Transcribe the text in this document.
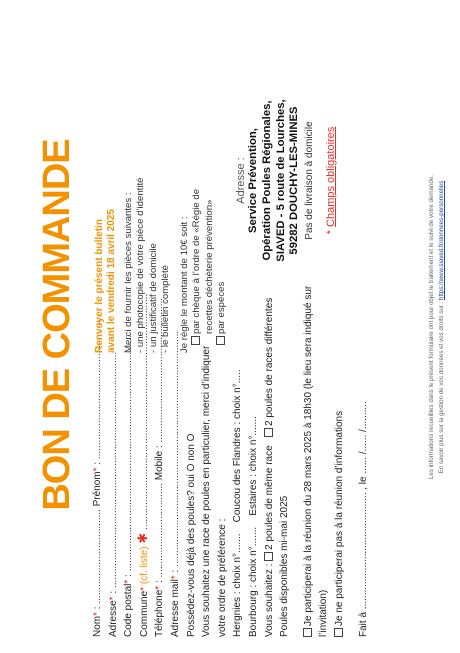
BON DE COMMANDE
Nom* : .................................. Prénom* : ....................................................
Adresse* : .....................................................................................
Code postal* : .....................................................................................
Commune* (cf. liste) ✱ .....................................................................................
Téléphone* : .................................. Mobile : ....................................................
Adresse mail* : ..................................................................................... Possédez-vous déjà des poules? oui O non O Vous souhaitez une race de poules en particulier, merci d’indiquer votre ordre de préférence : Hergnies : choix n°.......    Coucou des Flandres : choix n°.....
Bourbourg : choix n°.......    Estaires : choix n°.......
Vous souhaitez : 2 poules de même race   2 poules de races différentes
Poules disponibles mi-mai 2025 Je participerai à la réunion du 28 mars 2025 à 18h30 (le lieu sera indiqué sur l’invitation) Je ne participerai pas à la réunion d’informations Fait à .......................................... , le ...... /...... /..........
Renvoyer le présent bulletin avant le vendredi 18 avril 2025 Merci de fournir les pièces suivantes : - une photocopie de votre pièce d’identité - un justificatif de domicile - le bulletin complété Je règle le montant de 10€ soit : par chèque à l’ordre de «Régie de recettes déchèterie prévention» par espèces
Adresse : Service Prévention, Opération Poules Régionales, SIAVED - 5 route de Lourches, 59282 DOUCHY-LES-MINES Pas de livraison à domicile * Champs obligatoires	Les informations recueillies dans le présent formulaire ont pour objet le traitement et le suivi de votre demande. En savoir plus sur la gestion de vos données et vos droits sur : https://www.siaved.fr/donnees-personnelles
